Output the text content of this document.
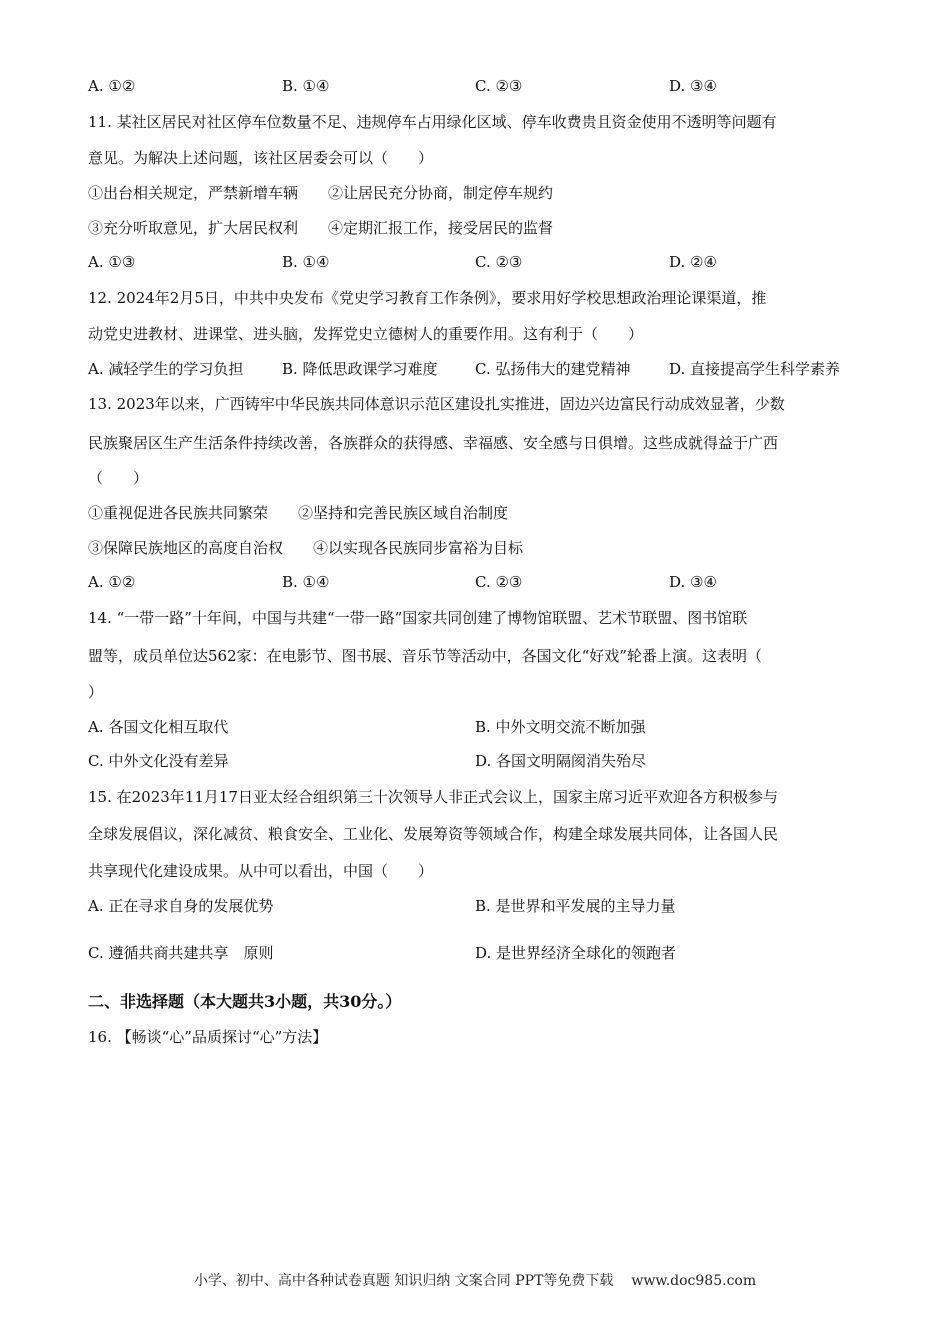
A. ①②	B. ①④	C. ②③	D. ③④
11. 某社区居民对社区停车位数量不足、违规停车占用绿化区域、停车收费贵且资金使用不透明等问题有
意见。为解决上述问题，该社区居委会可以（　　）
①出台相关规定，严禁新增车辆　　②让居民充分协商，制定停车规约
③充分听取意见，扩大居民权利　　④定期汇报工作，接受居民的监督
A. ①③	B. ①④	C. ②③	D. ②④
12. 2024年2月5日，中共中央发布《党史学习教育工作条例》，要求用好学校思想政治理论课渠道，推
动党史进教材、进课堂、进头脑，发挥党史立德树人的重要作用。这有利于（　　）
A. 减轻学生的学习负担	B. 降低思政课学习难度 C. 弘扬伟大的建党精神	D. 直接提高学生科学素养
13. 2023年以来，广西铸牢中华民族共同体意识示范区建设扎实推进，固边兴边富民行动成效显著，少数
民族聚居区生产生活条件持续改善，各族群众的获得感、幸福感、安全感与日俱增。这些成就得益于广西
（　　）
①重视促进各民族共同繁荣　　②坚持和完善民族区域自治制度
③保障民族地区的高度自治权　　④以实现各民族同步富裕为目标
A. ①②	B. ①④	C. ②③	D. ③④
14. “一带一路”十年间，中国与共建“一带一路”国家共同创建了博物馆联盟、艺术节联盟、图书馆联
盟等，成员单位达562家：在电影节、图书展、音乐节等活动中，各国文化“好戏”轮番上演。这表明（
）
A. 各国文化相互取代	B. 中外文明交流不断加强
C. 中外文化没有差异	D. 各国文明隔阂消失殆尽
15. 在2023年11月17日亚太经合组织第三十次领导人非正式会议上，国家主席习近平欢迎各方积极参与
全球发展倡议，深化减贫、粮食安全、工业化、发展筹资等领域合作，构建全球发展共同体，让各国人民
共享现代化建设成果。从中可以看出，中国（　　）
A. 正在寻求自身的发展优势	B. 是世界和平发展的主导力量
C. 遵循共商共建共享　原则	D. 是世界经济全球化的领跑者
二、非选择题（本大题共3小题，共30分。）
16. 【畅谈“心”品质探讨“心”方法】
小学、初中、高中各种试卷真题 知识归纳 文案合同 PPT等免费下载 www.doc985.com
